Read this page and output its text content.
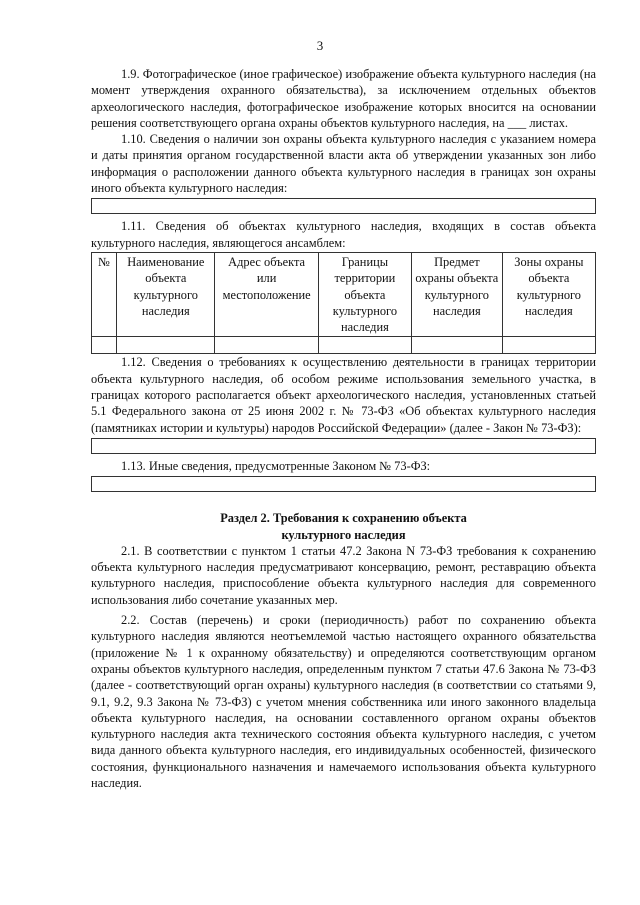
3

1.9. Фотографическое (иное графическое) изображение объекта культурного наследия (на момент утверждения охранного обязательства), за исключением отдельных объектов археологического наследия, фотографическое изображение которых вносится на основании решения соответствующего органа охраны объектов культурного наследия, на ___ листах.

1.10. Сведения о наличии зон охраны объекта культурного наследия с указанием номера и даты принятия органом государственной власти акта об утверждении указанных зон либо информация о расположении данного объекта культурного наследия в границах зон охраны иного объекта культурного наследия:

1.11. Сведения об объектах культурного наследия, входящих в состав объекта культурного наследия, являющегося ансамблем:

№	Наименование объекта культурного наследия	Адрес объекта или местоположение	Границы территории объекта культурного наследия	Предмет охраны объекта культурного наследия	Зоны охраны объекта культурного наследия

1.12. Сведения о требованиях к осуществлению деятельности в границах территории объекта культурного наследия, об особом режиме использования земельного участка, в границах которого располагается объект археологического наследия, установленных статьей 5.1 Федерального закона от 25 июня 2002 г. № 73-ФЗ «Об объектах культурного наследия (памятниках истории и культуры) народов Российской Федерации» (далее - Закон № 73-ФЗ):

1.13. Иные сведения, предусмотренные Законом № 73-ФЗ:

Раздел 2. Требования к сохранению объекта
культурного наследия

2.1. В соответствии с пунктом 1 статьи 47.2 Закона N 73-ФЗ требования к сохранению объекта культурного наследия предусматривают консервацию, ремонт, реставрацию объекта культурного наследия, приспособление объекта культурного наследия для современного использования либо сочетание указанных мер.

2.2. Состав (перечень) и сроки (периодичность) работ по сохранению объекта культурного наследия являются неотъемлемой частью настоящего охранного обязательства (приложение № 1 к охранному обязательству) и определяются соответствующим органом охраны объектов культурного наследия, определенным пунктом 7 статьи 47.6 Закона № 73-ФЗ (далее - соответствующий орган охраны) культурного наследия (в соответствии со статьями 9, 9.1, 9.2, 9.3 Закона № 73-ФЗ) с учетом мнения собственника или иного законного владельца объекта культурного наследия, на основании составленного органом охраны объектов культурного наследия акта технического состояния объекта культурного наследия, с учетом вида данного объекта культурного наследия, его индивидуальных особенностей, физического состояния, функционального назначения и намечаемого использования объекта культурного наследия.
